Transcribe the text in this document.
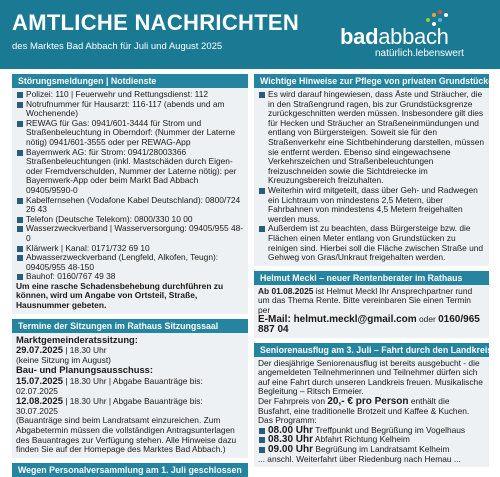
AMTLICHE NACHRICHTEN
des Marktes Bad Abbach für Juli und August 2025	badabbach
natürlich.lebenswert
Störungsmeldungen | Notdienste
Polizei: 110 | Feuerwehr und Rettungsdienst: 112
Notrufnummer für Hausarzt: 116-117 (abends und am Wochenende)
REWAG für Gas: 0941/601-3444 für Strom und Straßenbeleuchtung in Oberndorf: (Nummer der Laterne nötig) 0941/601-3555 oder per REWAG-App
Bayernwerk AG: für Strom: 0941/28003366 Straßenbeleuchtungen (inkl. Mastschäden durch Eigen- oder Fremdverschulden, Nummer der Laterne nötig): per Bayernwerk-App oder beim Markt Bad Abbach 09405/9590-0
Kabelfernsehen (Vodafone Kabel Deutschland): 0800/724 26 43
Telefon (Deutsche Telekom): 0800/330 10 00
Wasserzweckverband | Wasserversorgung: 09405/955 48-0
Klärwerk | Kanal: 0171/732 69 10
Abwasserzweckverband (Lengfeld, Alkofen, Teugn): 09405/955 48-150
Bauhof: 0160/767 49 38
Um eine rasche Schadensbehebung durchführen zu können, wird um Angabe von Ortsteil, Straße, Hausnummer gebeten.
Termine der Sitzungen im Rathaus Sitzungssaal
Marktgemeinderatssitzung:
29.07.2025 | 18.30 Uhr
(keine Sitzung im August)
Bau- und Planungsausschuss:
15.07.2025 | 18.30 Uhr | Abgabe Bauanträge bis: 02.07.2025
12.08.2025 | 18.30 Uhr | Abgabe Bauanträge bis: 30.07.2025
(Bauanträge sind beim Landratsamt einzureichen. Zum Abgabetermin müssen die vollständigen Antragsunterlagen des Bauantrages zur Verfügung stehen. Alle Hinweise dazu finden Sie auf der Homepage des Marktes Bad Abbach.)
Wegen Personalversammlung am 1. Juli geschlossen
Wichtige Hinweise zur Pflege von privaten Grundstücken
Es wird darauf hingewiesen, dass Äste und Sträucher, die in den Straßengrund ragen, bis zur Grundstücksgrenze zurückgeschnitten werden müssen. Insbesondere gilt dies für Hecken und Sträucher an Straßeneinmündungen und entlang von Bürgersteigen. Soweit sie für den Straßenverkehr eine Sichtbehinderung darstellen, müssen sie entfernt werden. Ebenso sind eingewachsene Verkehrszeichen und Straßenbeleuchtungen freizuschneiden sowie die Sichtdreiecke im Kreuzungsbereich freizuhalten.
Weiterhin wird mitgeteilt, dass über Geh- und Radwegen ein Lichtraum von mindestens 2,5 Metern, über Fahrbahnen von mindestens 4,5 Metern freigehalten werden muss.
Außerdem ist zu beachten, dass Bürgersteige bzw. die Flächen einen Meter entlang von Grundstücken zu reinigen sind. Hierbei soll die Fläche zwischen Straße und Gehweg von Gras/Unkraut freigehalten werden.
Helmut Meckl – neuer Rentenberater im Rathaus
Ab 01.08.2025 ist Helmut Meckl Ihr Ansprechpartner rund um das Thema Rente. Bitte vereinbaren Sie einen Termin per
E-Mail: helmut.meckl@gmail.com oder 0160/965 887 04
Seniorenausflug am 3. Juli – Fahrt durch den Landkreis
Der diesjährige Seniorenausflug ist bereits ausgebucht - die angemeldeten Teilnehmerinnen und Teilnehmer dürfen sich auf eine Fahrt durch unseren Landkreis freuen. Musikalische Begleitung – Ritsch Ermeier.
Der Fahrpreis von 20,- € pro Person enthält die Busfahrt, eine traditionelle Brotzeit und Kaffee & Kuchen.
Das Programm:
08.00 Uhr Treffpunkt und Begrüßung im Vogelhaus
08.30 Uhr Abfahrt Richtung Kelheim
09.00 Uhr Begrüßung im Landratsamt Kelheim
... anschl. Weiterfahrt über Riedenburg nach Hemau ...
